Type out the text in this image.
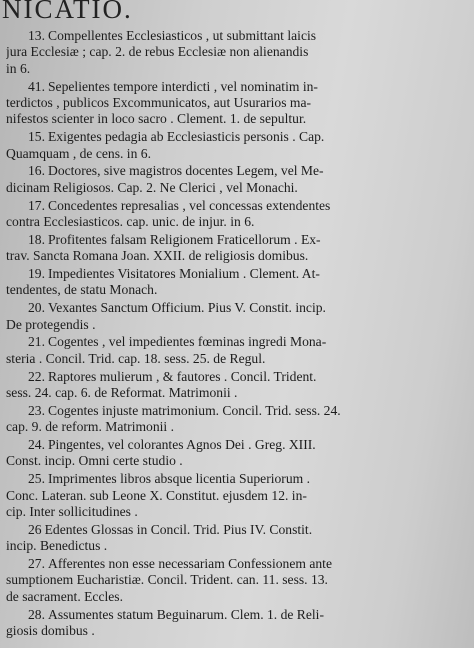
NICATIO.
13. Compellentes Ecclesiasticos , ut submittant laicis
jura Ecclesiæ ; cap. 2. de rebus Ecclesiæ non alienandis
in 6.
41. Sepelientes tempore interdicti , vel nominatim in-
terdictos , publicos Excommunicatos, aut Usurarios ma-
nifestos scienter in loco sacro . Clement. 1. de sepultur.
15. Exigentes pedagia ab Ecclesiasticis personis . Cap.
Quamquam , de cens. in 6.
16. Doctores, sive magistros docentes Legem, vel Me-
dicinam Religiosos. Cap. 2. Ne Clerici , vel Monachi.
17. Concedentes represalias , vel concessas extendentes
contra Ecclesiasticos. cap. unic. de injur. in 6.
18. Profitentes falsam Religionem Fraticellorum . Ex-
trav. Sancta Romana Joan. XXII. de religiosis domibus.
19. Impedientes Visitatores Monialium . Clement. At-
tendentes, de statu Monach.
20. Vexantes Sanctum Officium. Pius V. Constit. incip.
De protegendis .
21. Cogentes , vel impedientes fœminas ingredi Mona-
steria . Concil. Trid. cap. 18. sess. 25. de Regul.
22. Raptores mulierum , & fautores . Concil. Trident.
sess. 24. cap. 6. de Reformat. Matrimonii .
23. Cogentes injuste matrimonium. Concil. Trid. sess. 24.
cap. 9. de reform. Matrimonii .
24. Pingentes, vel colorantes Agnos Dei . Greg. XIII.
Const. incip. Omni certe studio .
25. Imprimentes libros absque licentia Superiorum .
Conc. Lateran. sub Leone X. Constitut. ejusdem 12. in-
cip. Inter sollicitudines .
26 Edentes Glossas in Concil. Trid. Pius IV. Constit.
incip. Benedictus .
27. Afferentes non esse necessariam Confessionem ante
sumptionem Eucharistiæ. Concil. Trident. can. 11. sess. 13.
de sacrament. Eccles.
28. Assumentes statum Beguinarum. Clem. 1. de Reli-
giosis domibus .
